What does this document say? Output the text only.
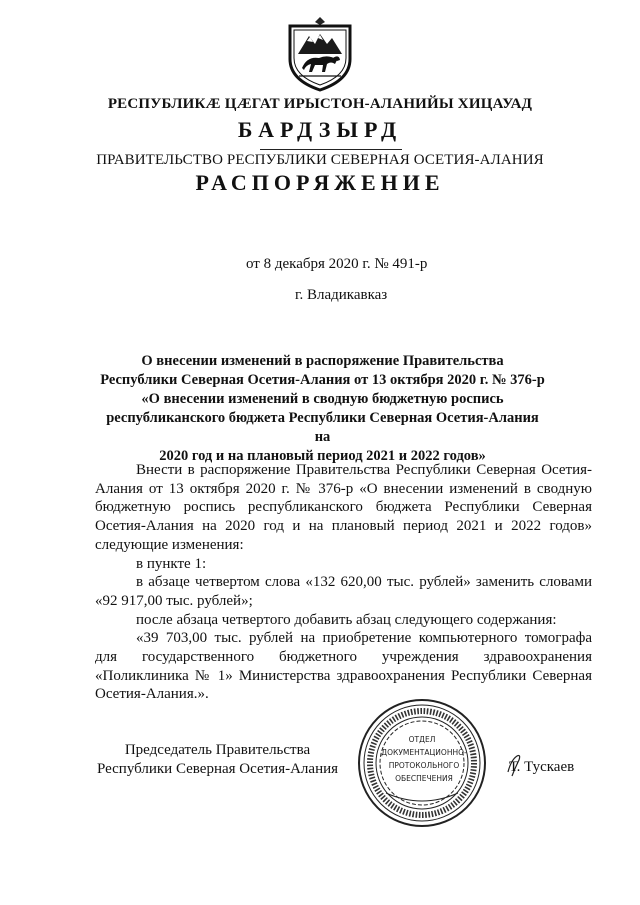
РЕСПУБЛИКӔ ЦӔГАТ ИРЫСТОН-АЛАНИЙЫ ХИЦАУАД
БАРДЗЫРД
ПРАВИТЕЛЬСТВО РЕСПУБЛИКИ СЕВЕРНАЯ ОСЕТИЯ-АЛАНИЯ
РАСПОРЯЖЕНИЕ
от 8 декабря 2020 г. № 491-р
г. Владикавказ
О внесении изменений в распоряжение Правительства
Республики Северная Осетия-Алания от 13 октября 2020 г. № 376-р
«О внесении изменений в сводную бюджетную роспись
республиканского бюджета Республики Северная Осетия-Алания на
2020 год и на плановый период 2021 и 2022 годов»

Внести в распоряжение Правительства Республики Северная Осетия-Алания от 13 октября 2020 г. № 376-р «О внесении изменений в сводную бюджетную роспись республиканского бюджета Республики Северная Осетия-Алания на 2020 год и на плановый период 2021 и 2022 годов» следующие изменения:

в пункте 1:

в абзаце четвертом слова «132 620,00 тыс. рублей» заменить словами «92 917,00 тыс. рублей»;

после абзаца четвертого добавить абзац следующего содержания:

«39 703,00 тыс. рублей на приобретение компьютерного томографа для государственного бюджетного учреждения здравоохранения «Поликлиника № 1» Министерства здравоохранения Республики Северная Осетия-Алания.».

Председатель Правительства
Республики Северная Осетия-Алания
ОТДЕЛ
ДОКУМЕНТАЦИОННО-
ПРОТОКОЛЬНОГО
ОБЕСПЕЧЕНИЯ
Т. Тускаев
